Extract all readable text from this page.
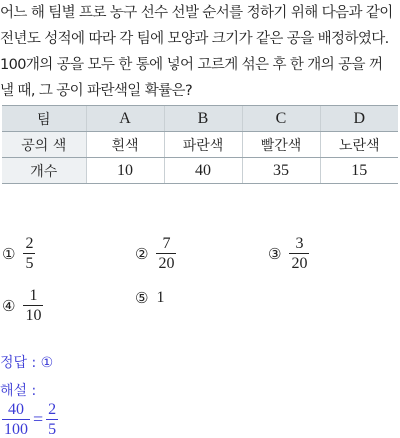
어느 해 팀별 프로 농구 선수 선발 순서를 정하기 위해 다음과 같이
전년도 성적에 따라 각 팀에 모양과 크기가 같은 공을 배정하였다.
100개의 공을 모두 한 통에 넣어 고르게 섞은 후 한 개의 공을 꺼
낼 때, 그 공이 파란색일 확률은?
팀	A	B	C	D
공의 색	흰색	파란색	빨간색	노란색
개수	10	40	35	15
① $\frac{2}{5}$	② $\frac{7}{20}$	③ $\frac{3}{20}$
④ $\frac{1}{10}$	⑤ 1
정답 : ①
해설 :
$\frac{40}{100} = \frac{2}{5}$
